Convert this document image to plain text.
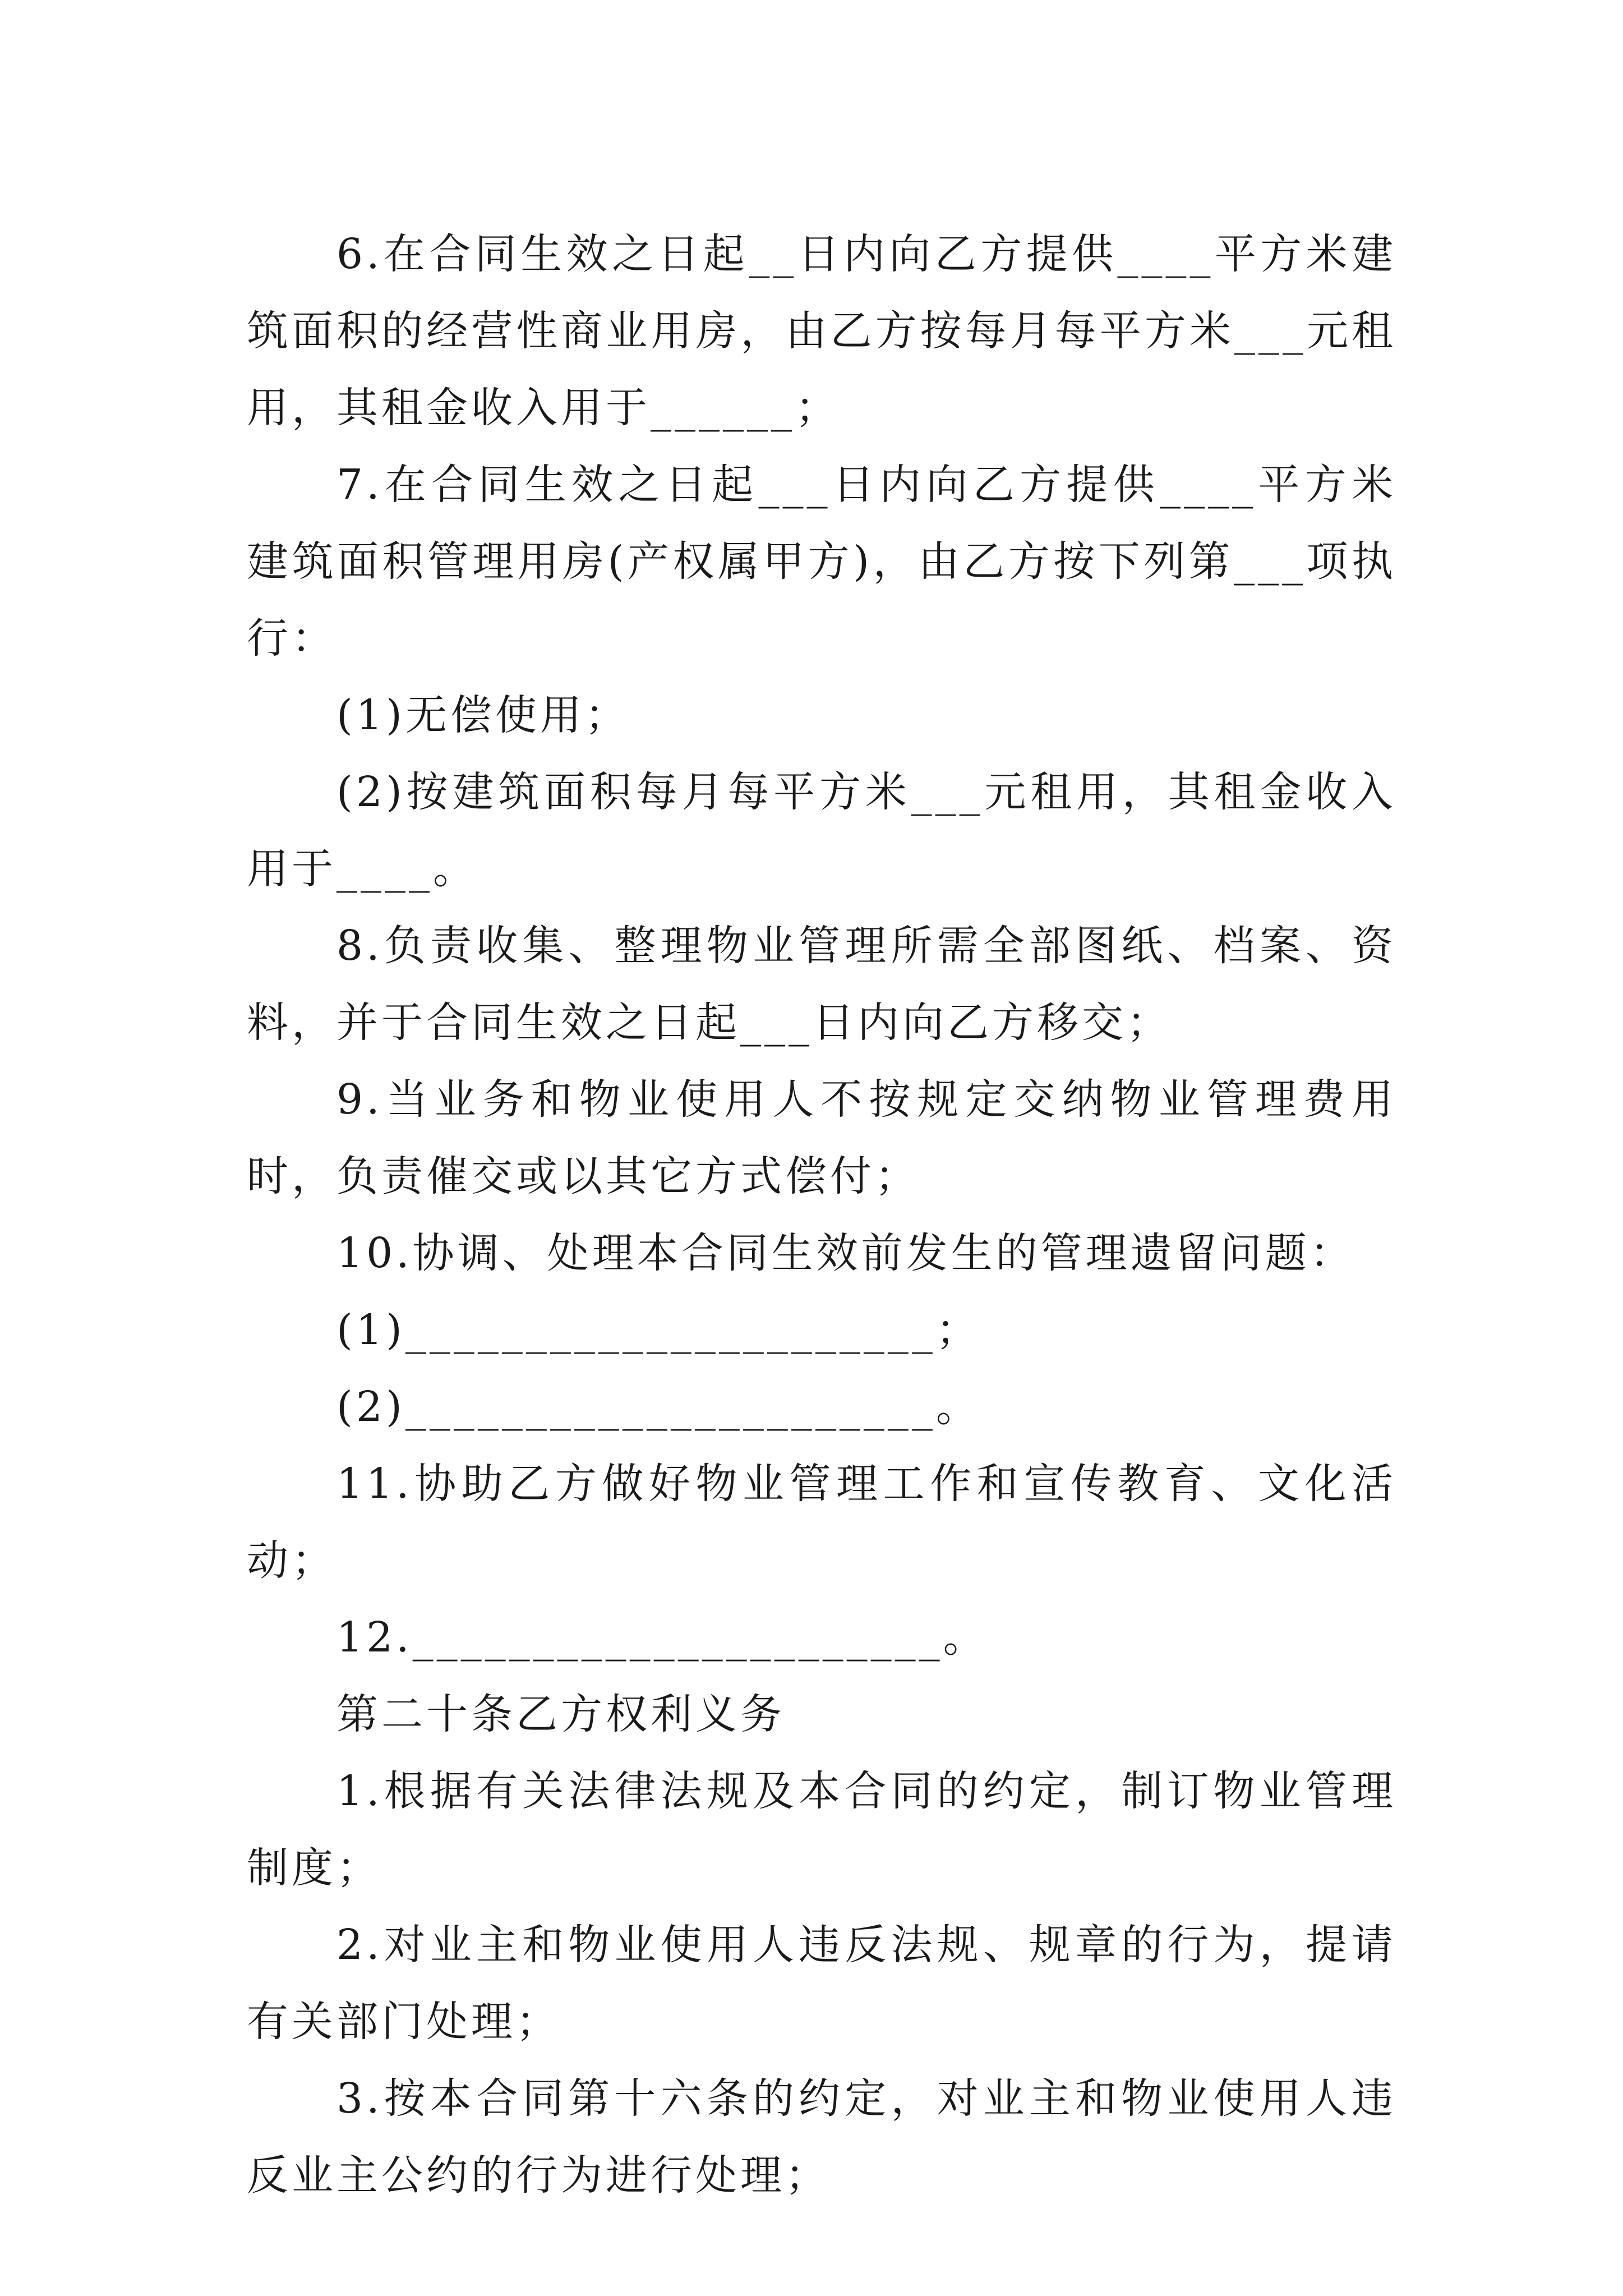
6.在合同生效之日起__日内向乙方提供____平方米建筑面积的经营性商业用房，由乙方按每月每平方米___元租用，其租金收入用于______；

7.在合同生效之日起___日内向乙方提供____平方米建筑面积管理用房(产权属甲方)，由乙方按下列第___项执行：

(1)无偿使用；

(2)按建筑面积每月每平方米___元租用，其租金收入用于____。

8.负责收集、整理物业管理所需全部图纸、档案、资料，并于合同生效之日起___日内向乙方移交；

9.当业务和物业使用人不按规定交纳物业管理费用时，负责催交或以其它方式偿付；

10.协调、处理本合同生效前发生的管理遗留问题：

(1)______________________；

(2)______________________。

11.协助乙方做好物业管理工作和宣传教育、文化活动；

12.______________________。

第二十条乙方权利义务

1.根据有关法律法规及本合同的约定，制订物业管理制度；

2.对业主和物业使用人违反法规、规章的行为，提请有关部门处理；

3.按本合同第十六条的约定，对业主和物业使用人违反业主公约的行为进行处理；
